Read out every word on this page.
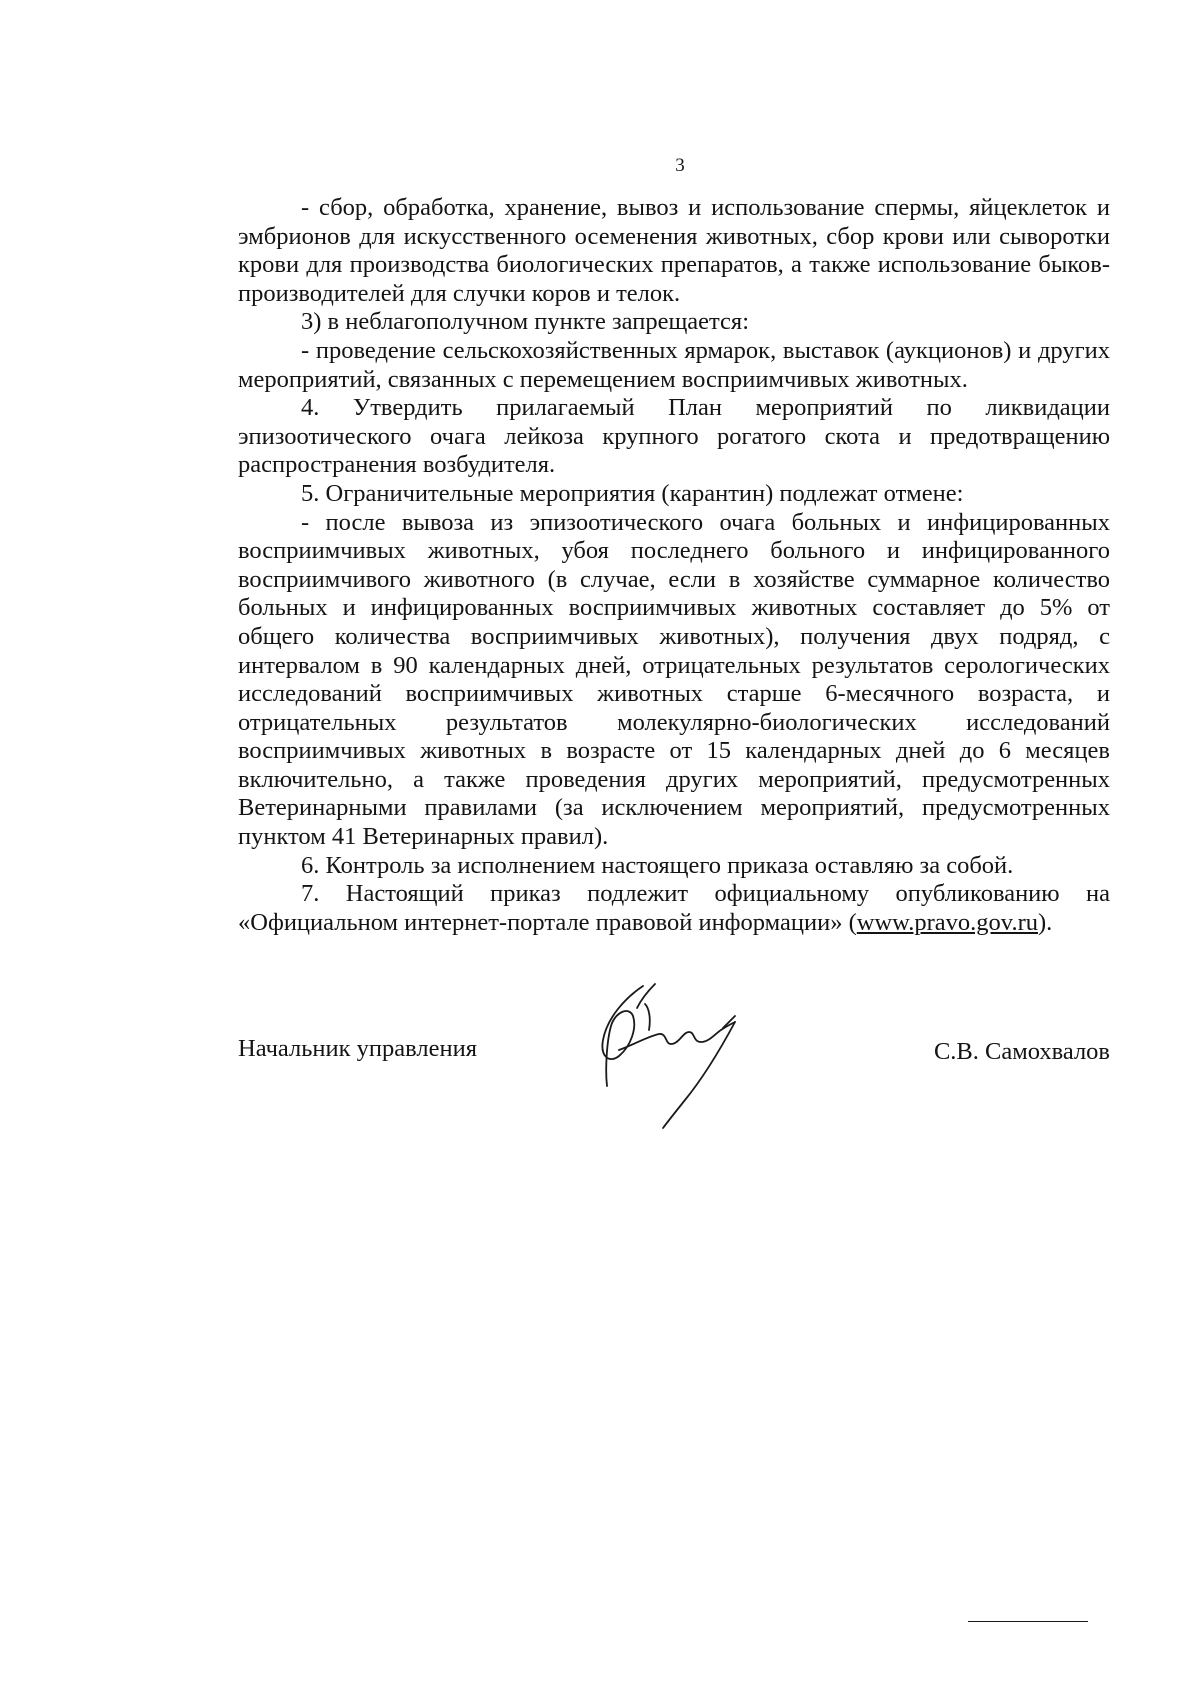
3

- сбор, обработка, хранение, вывоз и использование спермы, яйцеклеток и эмбрионов для искусственного осеменения животных, сбор крови или сыворотки крови для производства биологических препаратов, а также использование быков-производителей для случки коров и телок.

3) в неблагополучном пункте запрещается:

- проведение сельскохозяйственных ярмарок, выставок (аукционов) и других мероприятий, связанных с перемещением восприимчивых животных.

4. Утвердить прилагаемый План мероприятий по ликвидации эпизоотического очага лейкоза крупного рогатого скота и предотвращению распространения возбудителя.

5. Ограничительные мероприятия (карантин) подлежат отмене:

- после вывоза из эпизоотического очага больных и инфицированных восприимчивых животных, убоя последнего больного и инфицированного восприимчивого животного (в случае, если в хозяйстве суммарное количество больных и инфицированных восприимчивых животных составляет до 5% от общего количества восприимчивых животных), получения двух подряд, с интервалом в 90 календарных дней, отрицательных результатов серологических исследований восприимчивых животных старше 6-месячного возраста, и отрицательных результатов молекулярно-биологических исследований восприимчивых животных в возрасте от 15 календарных дней до 6 месяцев включительно, а также проведения других мероприятий, предусмотренных Ветеринарными правилами (за исключением мероприятий, предусмотренных пунктом 41 Ветеринарных правил).

6. Контроль за исполнением настоящего приказа оставляю за собой.

7. Настоящий приказ подлежит официальному опубликованию на «Официальном интернет-портале правовой информации» (www.pravo.gov.ru).

Начальник управления	С.В. Самохвалов
